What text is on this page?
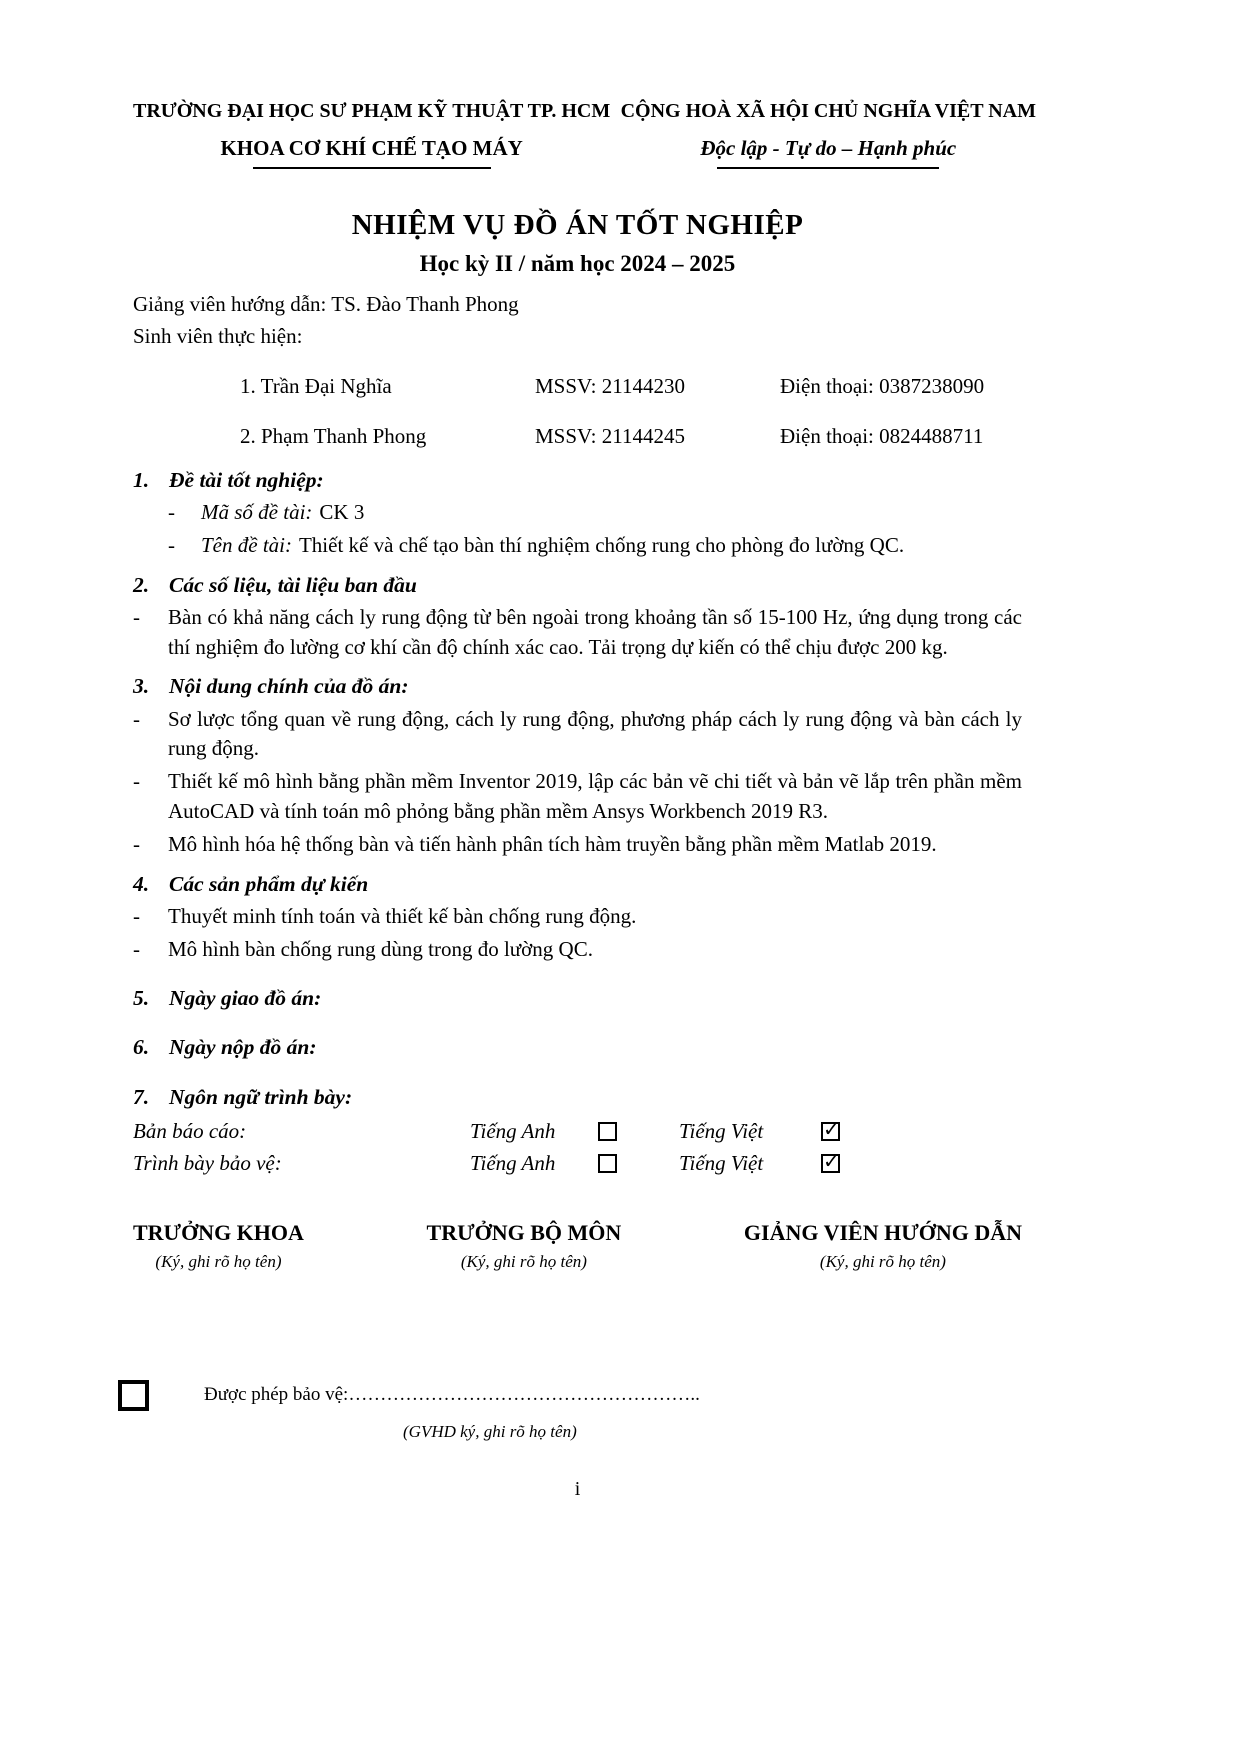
TRƯỜNG ĐẠI HỌC SƯ PHẠM KỸ THUẬT TP. HCM
KHOA CƠ KHÍ CHẾ TẠO MÁY
CỘNG HOÀ XÃ HỘI CHỦ NGHĨA VIỆT NAM
Độc lập - Tự do – Hạnh phúc
NHIỆM VỤ ĐỒ ÁN TỐT NGHIỆP
Học kỳ II / năm học 2024 – 2025

Giảng viên hướng dẫn: TS. Đào Thanh Phong

Sinh viên thực hiện:

1. Trần Đại Nghĩa	MSSV: 21144230	Điện thoại: 0387238090
2. Phạm Thanh Phong	MSSV: 21144245	Điện thoại: 0824488711
1. Đề tài tốt nghiệp:
-	Mã số đề tài: CK 3
-	Tên đề tài: Thiết kế và chế tạo bàn thí nghiệm chống rung cho phòng đo lường QC.
2. Các số liệu, tài liệu ban đầu
-	Bàn có khả năng cách ly rung động từ bên ngoài trong khoảng tần số 15-100 Hz, ứng dụng trong các thí nghiệm đo lường cơ khí cần độ chính xác cao. Tải trọng dự kiến có thể chịu được 200 kg.
3. Nội dung chính của đồ án:
-	Sơ lược tổng quan về rung động, cách ly rung động, phương pháp cách ly rung động và bàn cách ly rung động.
-	Thiết kế mô hình bằng phần mềm Inventor 2019, lập các bản vẽ chi tiết và bản vẽ lắp trên phần mềm AutoCAD và tính toán mô phỏng bằng phần mềm Ansys Workbench 2019 R3.
-	Mô hình hóa hệ thống bàn và tiến hành phân tích hàm truyền bằng phần mềm Matlab 2019.
4. Các sản phẩm dự kiến
-	Thuyết minh tính toán và thiết kế bàn chống rung động.
-	Mô hình bàn chống rung dùng trong đo lường QC.
5. Ngày giao đồ án:
6. Ngày nộp đồ án:
7. Ngôn ngữ trình bày:
Bản báo cáo:	Tiếng Anh	Tiếng Việt	✓
Trình bày bảo vệ:	Tiếng Anh	Tiếng Việt	✓
TRƯỞNG KHOA
(Ký, ghi rõ họ tên)
TRƯỞNG BỘ MÔN
(Ký, ghi rõ họ tên)
GIẢNG VIÊN HƯỚNG DẪN
(Ký, ghi rõ họ tên)
Được phép bảo vệ:………………………………………………..
(GVHD ký, ghi rõ họ tên)
i
